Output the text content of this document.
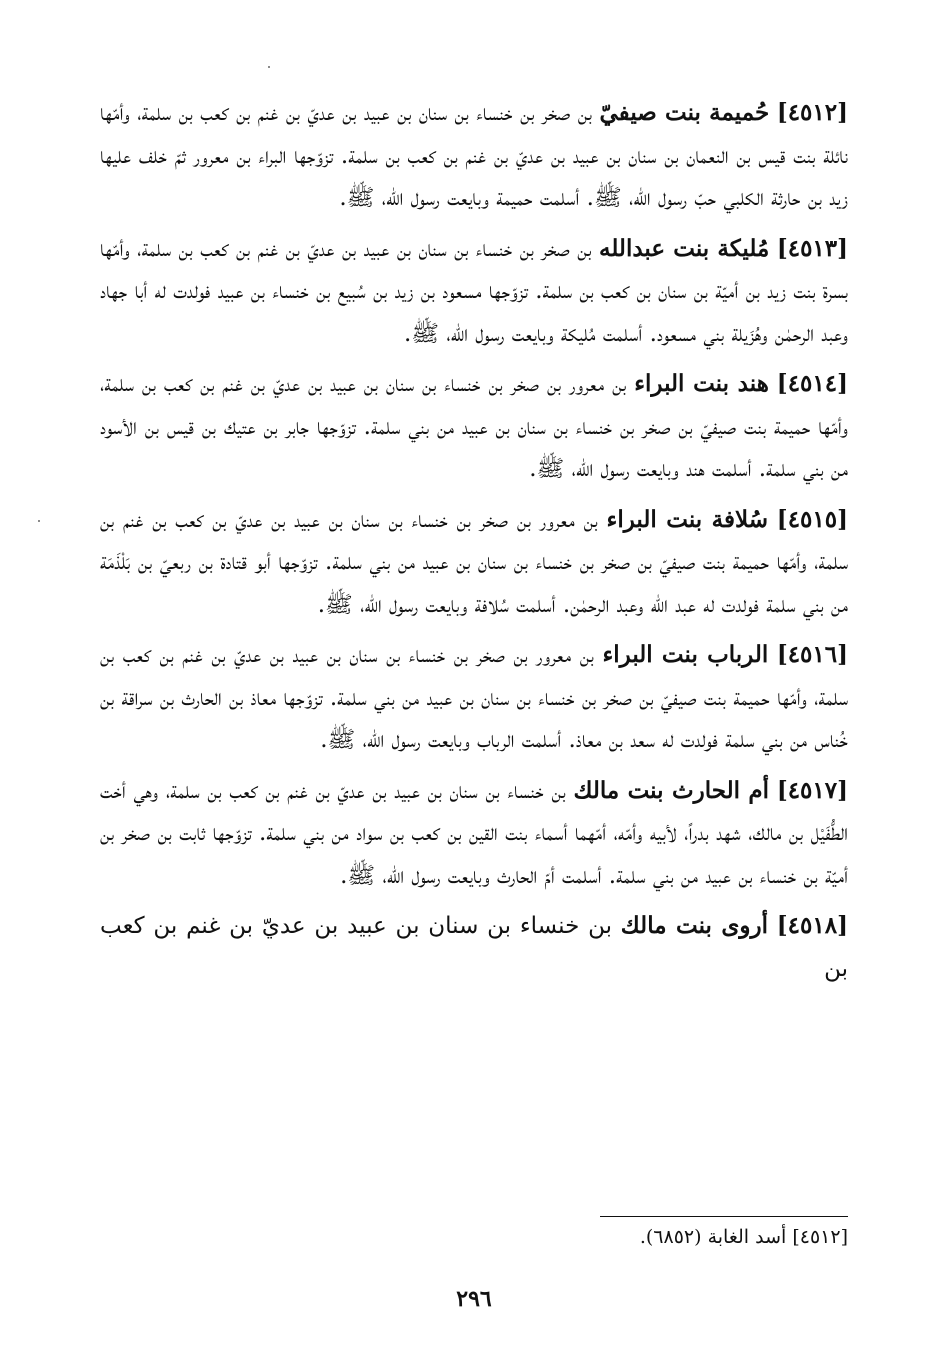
[٤٥١٢] حُميمة بنت صيفيّ بن صخر بن خنساء بن سنان بن عبيد بن عديّ بن غنم بن كعب بن سلمة، وأمّها نائلة بنت قيس بن النعمان بن سنان بن عبيد بن عديّ بن غنم بن كعب بن سلمة. تزوّجها البراء بن معرور ثمّ خلف عليها زيد بن حارثة الكلبي حبّ رسول الله، ﷺ. أسلمت حميمة وبايعت رسول الله، ﷺ.

[٤٥١٣] مُليكة بنت عبدالله بن صخر بن خنساء بن سنان بن عبيد بن عديّ بن غنم بن كعب بن سلمة، وأمّها بسرة بنت زيد بن أميّة بن سنان بن كعب بن سلمة. تزوّجها مسعود بن زيد بن سُبيع بن خنساء بن عبيد فولدت له أبا جهاد وعبد الرحمٰن وهُزَيلة بني مسعود. أسلمت مُليكة وبايعت رسول الله، ﷺ.

[٤٥١٤] هند بنت البراء بن معرور بن صخر بن خنساء بن سنان بن عبيد بن عديّ بن غنم بن كعب بن سلمة، وأمّها حميمة بنت صيفيّ بن صخر بن خنساء بن سنان بن عبيد من بني سلمة. تزوّجها جابر بن عتيك بن قيس بن الأسود من بني سلمة. أسلمت هند وبايعت رسول الله، ﷺ.

[٤٥١٥] سُلافة بنت البراء بن معرور بن صخر بن خنساء بن سنان بن عبيد بن عديّ بن كعب بن غنم بن سلمة، وأمّها حميمة بنت صيفيّ بن صخر بن خنساء بن سنان بن عبيد من بني سلمة. تزوّجها أبو قتادة بن ربعيّ بن بَلْذَمَة من بني سلمة فولدت له عبد الله وعبد الرحمٰن. أسلمت سُلافة وبايعت رسول الله، ﷺ.

[٤٥١٦] الرباب بنت البراء بن معرور بن صخر بن خنساء بن سنان بن عبيد بن عديّ بن غنم بن كعب بن سلمة، وأمّها حميمة بنت صيفيّ بن صخر بن خنساء بن سنان بن عبيد من بني سلمة. تزوّجها معاذ بن الحارث بن سراقة بن خُناس من بني سلمة فولدت له سعد بن معاذ. أسلمت الرباب وبايعت رسول الله، ﷺ.

[٤٥١٧] أم الحارث بنت مالك بن خنساء بن سنان بن عبيد بن عديّ بن غنم بن كعب بن سلمة، وهي أخت الطُّفَيْل بن مالك، شهد بدراً، لأبيه وأمّه، أمّهما أسماء بنت القين بن كعب بن سواد من بني سلمة. تزوّجها ثابت بن صخر بن أميّة بن خنساء بن عبيد من بني سلمة. أسلمت أمّ الحارث وبايعت رسول الله، ﷺ.

[٤٥١٨] أروى بنت مالك بن خنساء بن سنان بن عبيد بن عديّ بن غنم بن كعب بن

[٤٥١٢] أسد الغابة (٦٨٥٢).
٢٩٦
